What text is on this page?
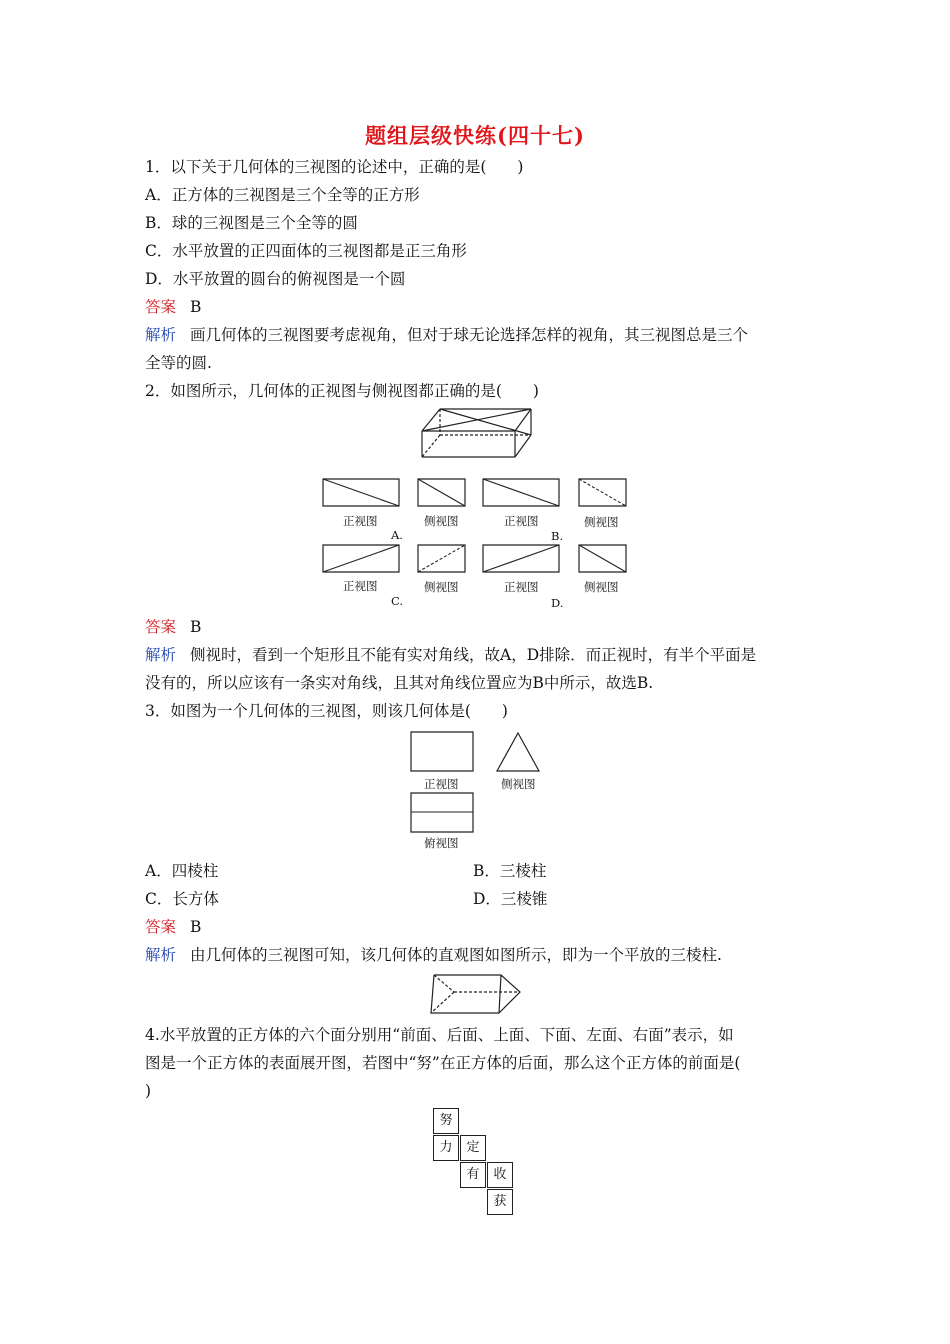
题组层级快练(四十七)
1．以下关于几何体的三视图的论述中，正确的是(　　)
A．正方体的三视图是三个全等的正方形
B．球的三视图是三个全等的圆
C．水平放置的正四面体的三视图都是正三角形
D．水平放置的圆台的俯视图是一个圆
答案 B
解析 画几何体的三视图要考虑视角，但对于球无论选择怎样的视角，其三视图总是三个
全等的圆.
2．如图所示，几何体的正视图与侧视图都正确的是(　　)
正视图	侧视图
A.
正视图	侧视图
B.
正视图	侧视图
C.
正视图	侧视图
D.
答案 B
解析 侧视时，看到一个矩形且不能有实对角线，故A，D排除．而正视时，有半个平面是
没有的，所以应该有一条实对角线，且其对角线位置应为B中所示，故选B.
3．如图为一个几何体的三视图，则该几何体是(　　)
正视图	侧视图
俯视图
A．四棱柱	B．三棱柱
C．长方体	D．三棱锥
答案 B
解析 由几何体的三视图可知，该几何体的直观图如图所示，即为一个平放的三棱柱.
4.水平放置的正方体的六个面分别用“前面、后面、上面、下面、左面、右面”表示，如
图是一个正方体的表面展开图，若图中“努”在正方体的后面，那么这个正方体的前面是(
)
努
力	定
有	收
获
